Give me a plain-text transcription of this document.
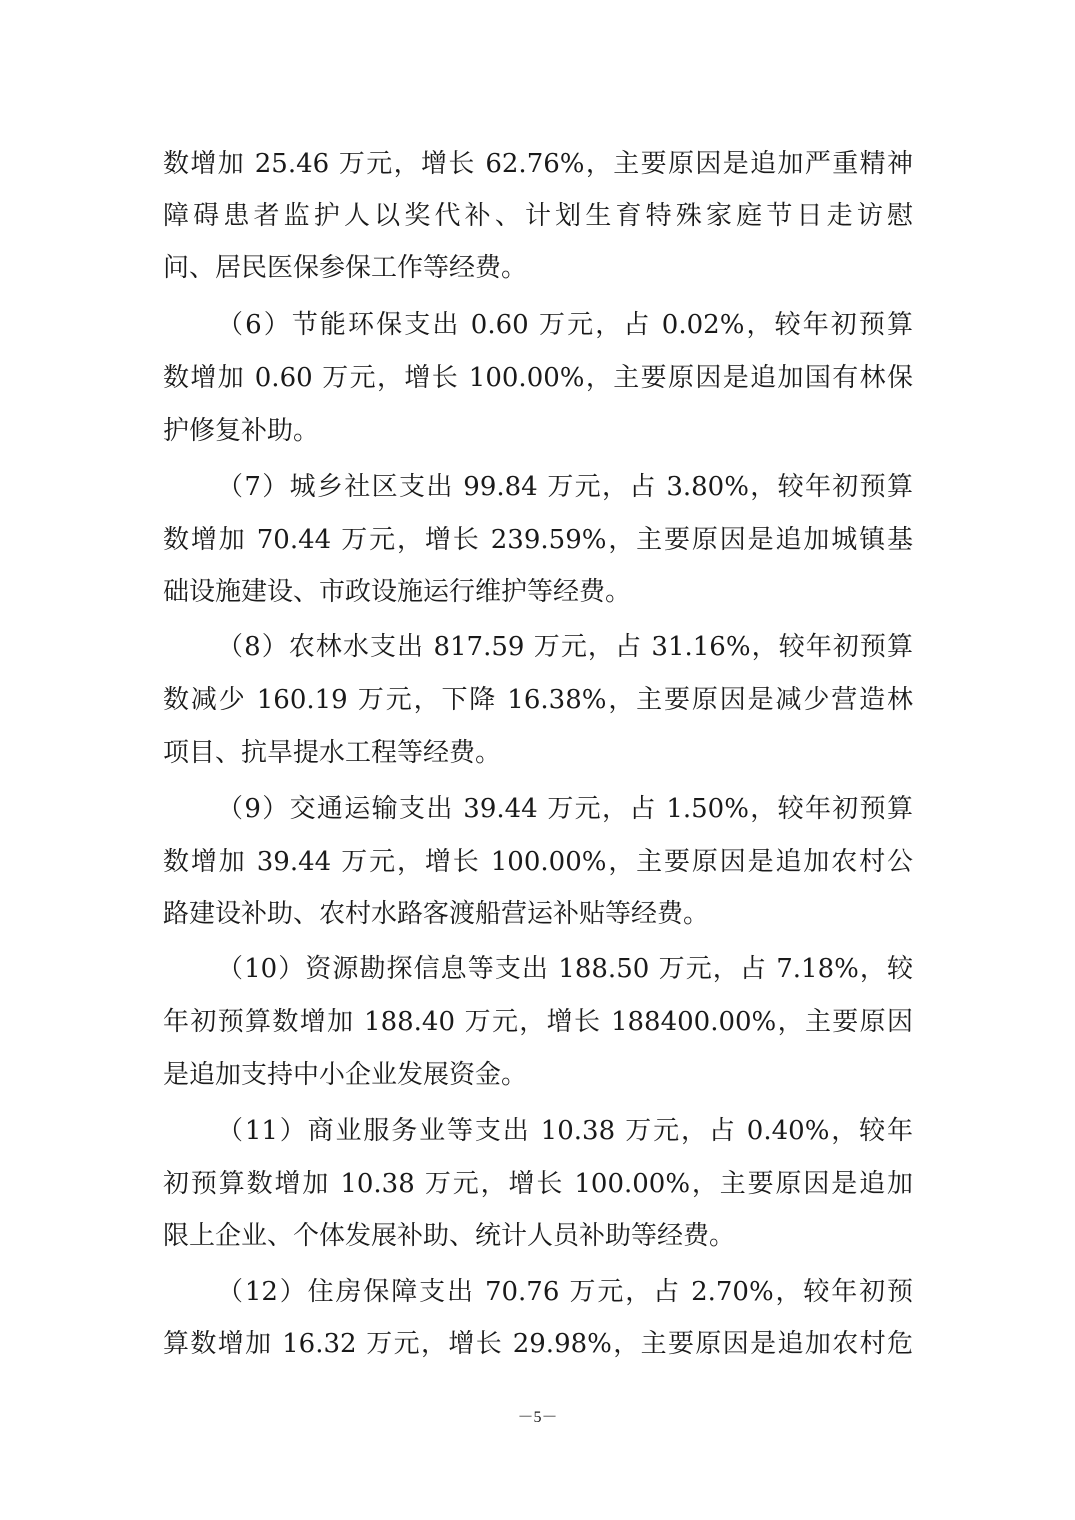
数增加 25.46 万元，增长 62.76%，主要原因是追加严重精神
障碍患者监护人以奖代补、计划生育特殊家庭节日走访慰
问、居民医保参保工作等经费。
（6）节能环保支出 0.60 万元，占 0.02%，较年初预算
数增加 0.60 万元，增长 100.00%，主要原因是追加国有林保
护修复补助。
（7）城乡社区支出 99.84 万元，占 3.80%，较年初预算
数增加 70.44 万元，增长 239.59%，主要原因是追加城镇基
础设施建设、市政设施运行维护等经费。
（8）农林水支出 817.59 万元，占 31.16%，较年初预算
数减少 160.19 万元，下降 16.38%，主要原因是减少营造林
项目、抗旱提水工程等经费。
（9）交通运输支出 39.44 万元，占 1.50%，较年初预算
数增加 39.44 万元，增长 100.00%，主要原因是追加农村公
路建设补助、农村水路客渡船营运补贴等经费。
（10）资源勘探信息等支出 188.50 万元，占 7.18%，较
年初预算数增加 188.40 万元，增长 188400.00%，主要原因
是追加支持中小企业发展资金。
（11）商业服务业等支出 10.38 万元，占 0.40%，较年
初预算数增加 10.38 万元，增长 100.00%，主要原因是追加
限上企业、个体发展补助、统计人员补助等经费。
（12）住房保障支出 70.76 万元，占 2.70%，较年初预
算数增加 16.32 万元，增长 29.98%，主要原因是追加农村危
－5－
